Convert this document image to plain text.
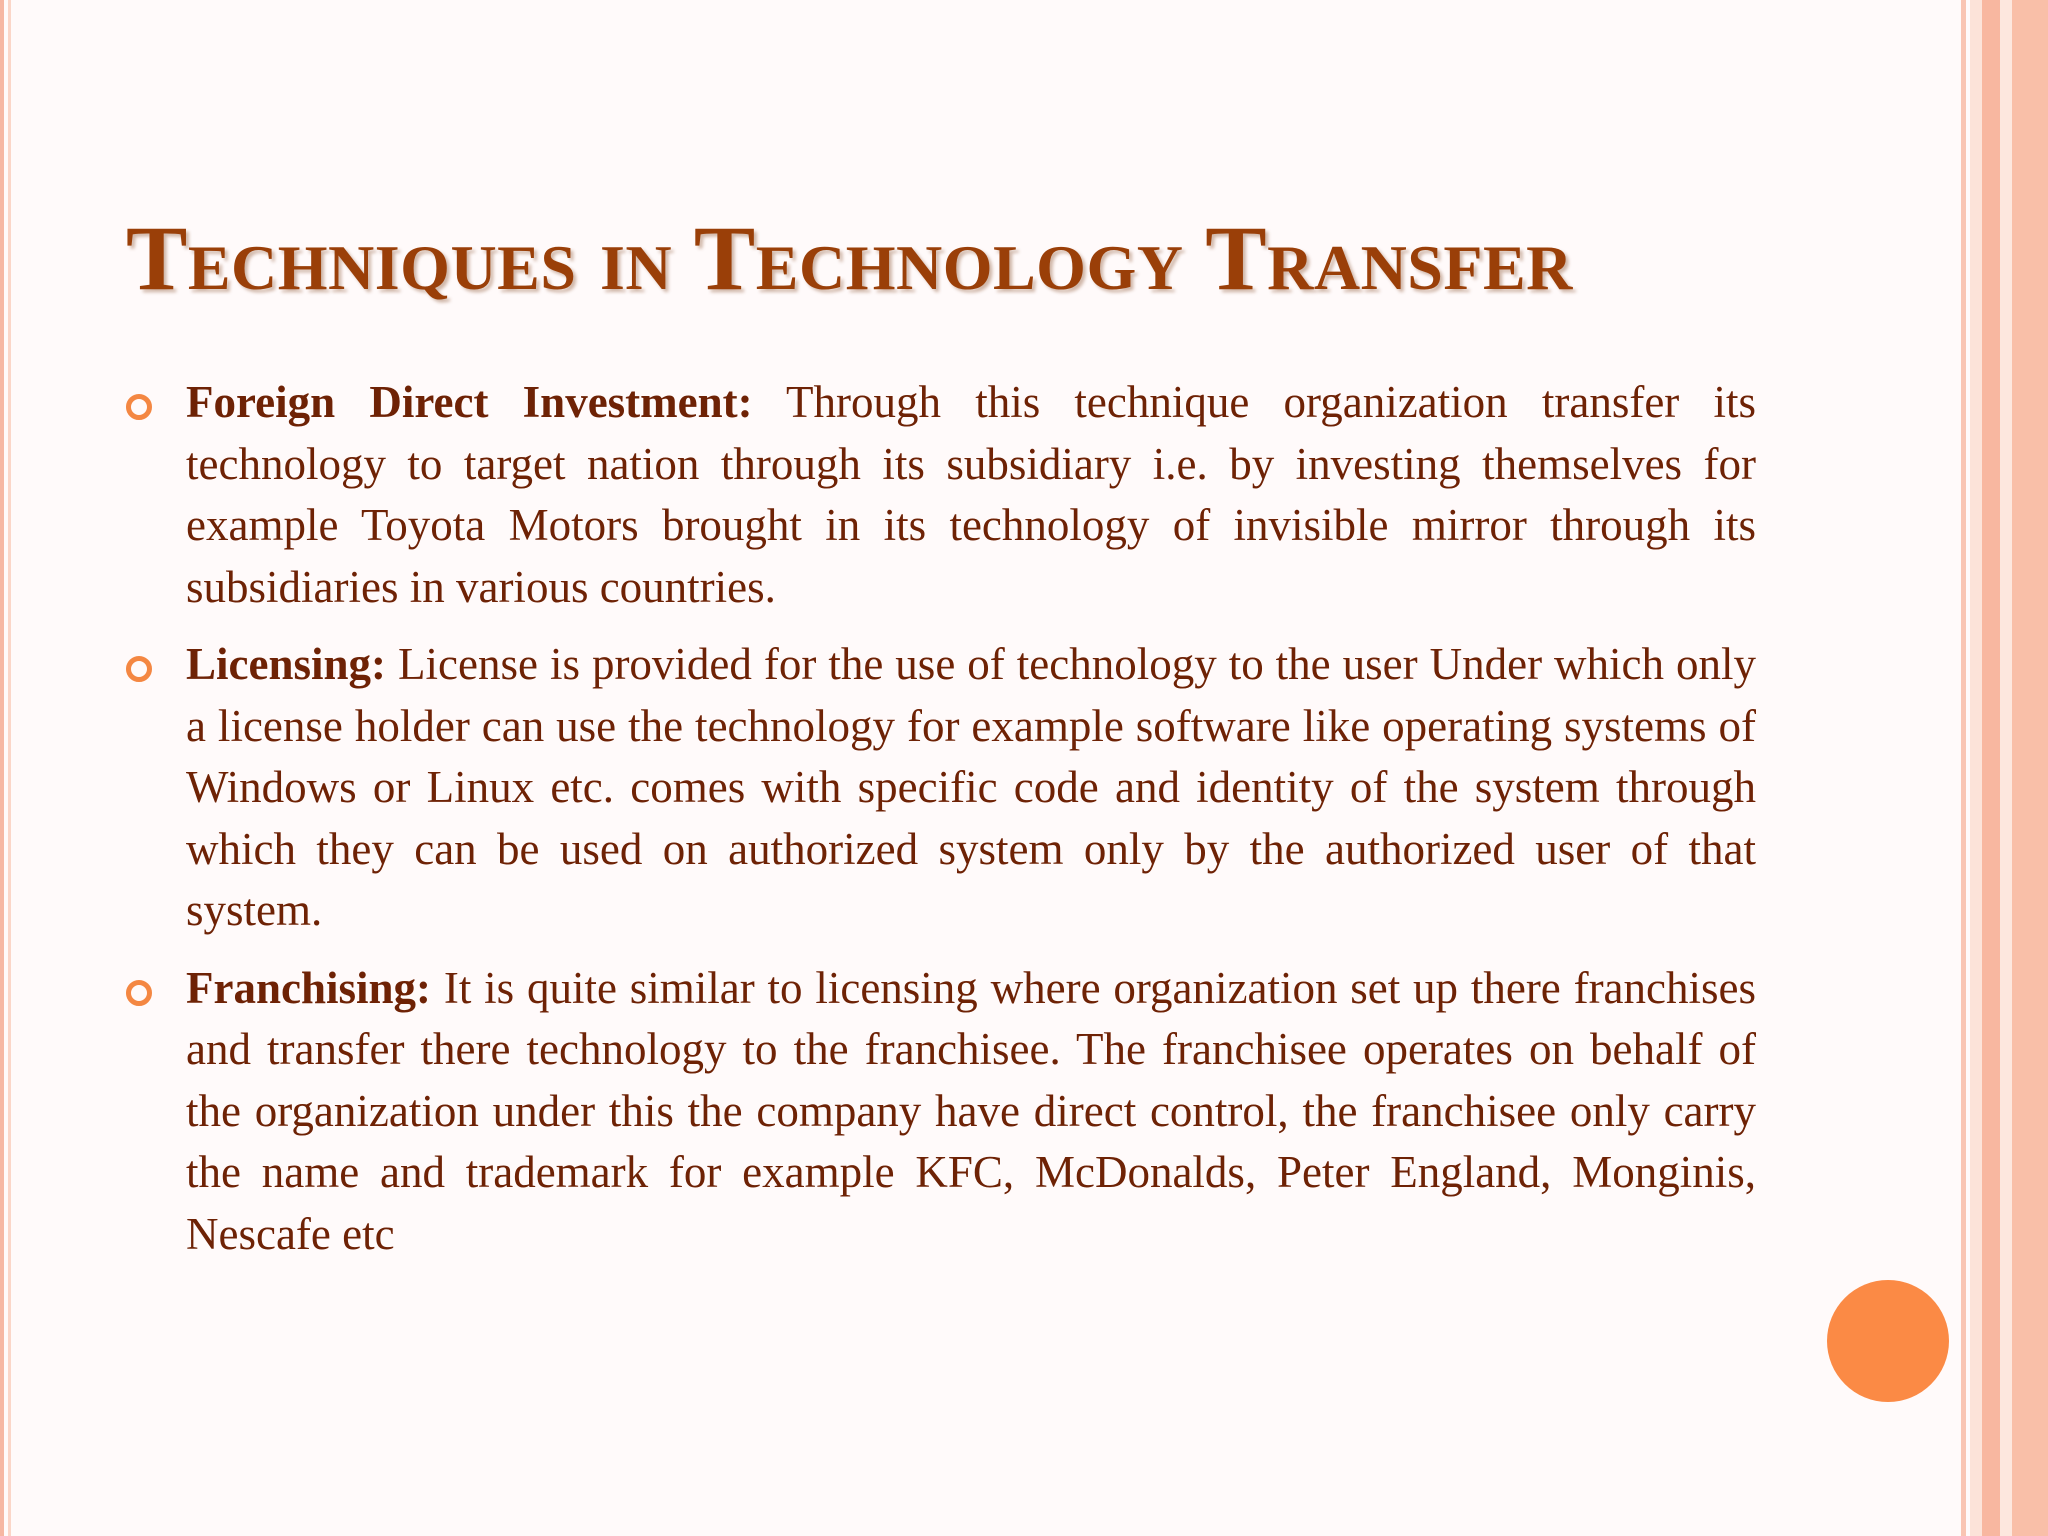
Techniques in Technology Transfer

Foreign Direct Investment: Through this technique organization transfer its technology to target nation through its subsidiary i.e. by investing themselves for example Toyota Motors brought in its technology of invisible mirror through its subsidiaries in various countries.

Licensing: License is provided for the use of technology to the user Under which only a license holder can use the technology for example software like operating systems of Windows or Linux etc. comes with specific code and identity of the system through which they can be used on authorized system only by the authorized user of that system.

Franchising: It is quite similar to licensing where organization set up there franchises and transfer there technology to the franchisee. The franchisee operates on behalf of the organization under this the company have direct control, the franchisee only carry the name and trademark for example KFC, McDonalds, Peter England, Monginis, Nescafe etc
